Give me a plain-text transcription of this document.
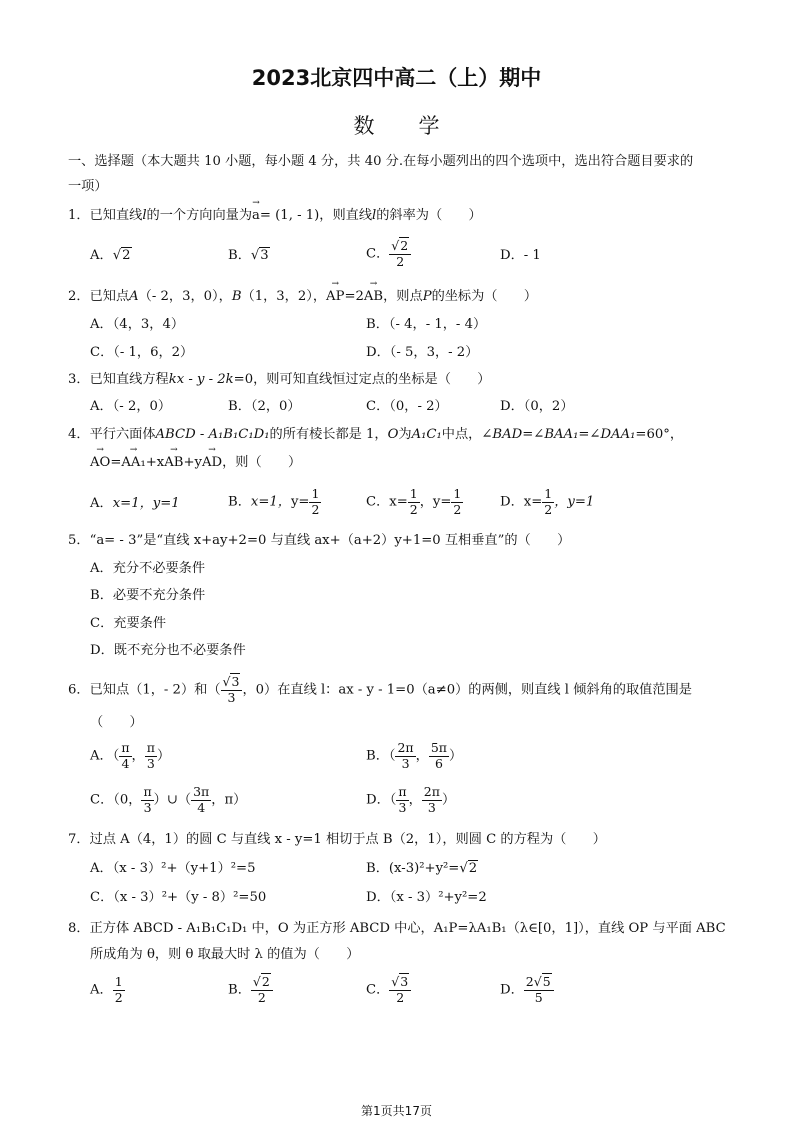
2023北京四中高二（上）期中
数学
一、选择题（本大题共 10 小题，每小题 4 分，共 40 分.在每小题列出的四个选项中，选出符合题目要求的
一项）
1．已知直线l的一个方向向量为→ a= (1, - 1)，则直线l的斜率为（　　）
A．√2	B．√3	C． $\frac{√2}{2}$	D．- 1
2．已知点A（- 2，3，0），B（1，3，2），→ AP=2→ AB，则点P的坐标为（　　）
A．（4，3，4）	B．（- 4，- 1，- 4）
C．（- 1，6，2）	D．（- 5，3，- 2）
3．已知直线方程kx - y - 2k=0，则可知直线恒过定点的坐标是（　　）
A．（- 2，0）	B．（2，0）	C．（0，- 2）	D．（0，2）
4．平行六面体ABCD - A₁B₁C₁D₁的所有棱长都是 1，O为A₁C₁中点，∠BAD=∠BAA₁=∠DAA₁=60°，
→ AO=→ AA₁+x→ AB+y→ AD，则（　　）
A．x=1，y=1	B．x=1，$y= \frac{1}{2}$	C．$x= \frac{1}{2}$ ，$y= \frac{1}{2}$	D．$x= \frac{1}{2}$ ，y=1
5．“a= - 3”是“直线 x+ay+2=0 与直线 ax+（a+2）y+1=0 互相垂直”的（　　）
A．充分不必要条件
B．必要不充分条件
C．充要条件
D．既不充分也不必要条件
6．已知点（1，- 2）和（ $\frac{√3}{3}$ ，0）在直线 l：ax - y - 1=0（a≠0）的两侧，则直线 l 倾斜角的取值范围是
（　　）
A．（ $\frac{\pi}{4}$ ， $\frac{\pi}{3}$ ）	B．（ $\frac{2\pi}{3}$ ， $\frac{5\pi}{6}$ ）
C．（0， $\frac{\pi}{3}$ ）∪（ $\frac{3\pi}{4}$ ，π）	D．（ $\frac{\pi}{3}$ ， $\frac{2\pi}{3}$ ）
7．过点 A（4，1）的圆 C 与直线 x - y=1 相切于点 B（2，1），则圆 C 的方程为（　　）
A．（x - 3）²+（y+1）²=5	B．(x-3)²+y²=√2
C．（x - 3）²+（y - 8）²=50	D．（x - 3）²+y²=2
8．正方体 ABCD - A₁B₁C₁D₁ 中，O 为正方形 ABCD 中心，A₁P=λA₁B₁（λ∈[0，1]），直线 OP 与平面 ABC
所成角为 θ，则 θ 取最大时 λ 的值为（　　）
A． $\frac{1}{2}$	B． $\frac{√2}{2}$	C． $\frac{√3}{2}$	D． $\frac{2√5}{5}$
第1页共17页
